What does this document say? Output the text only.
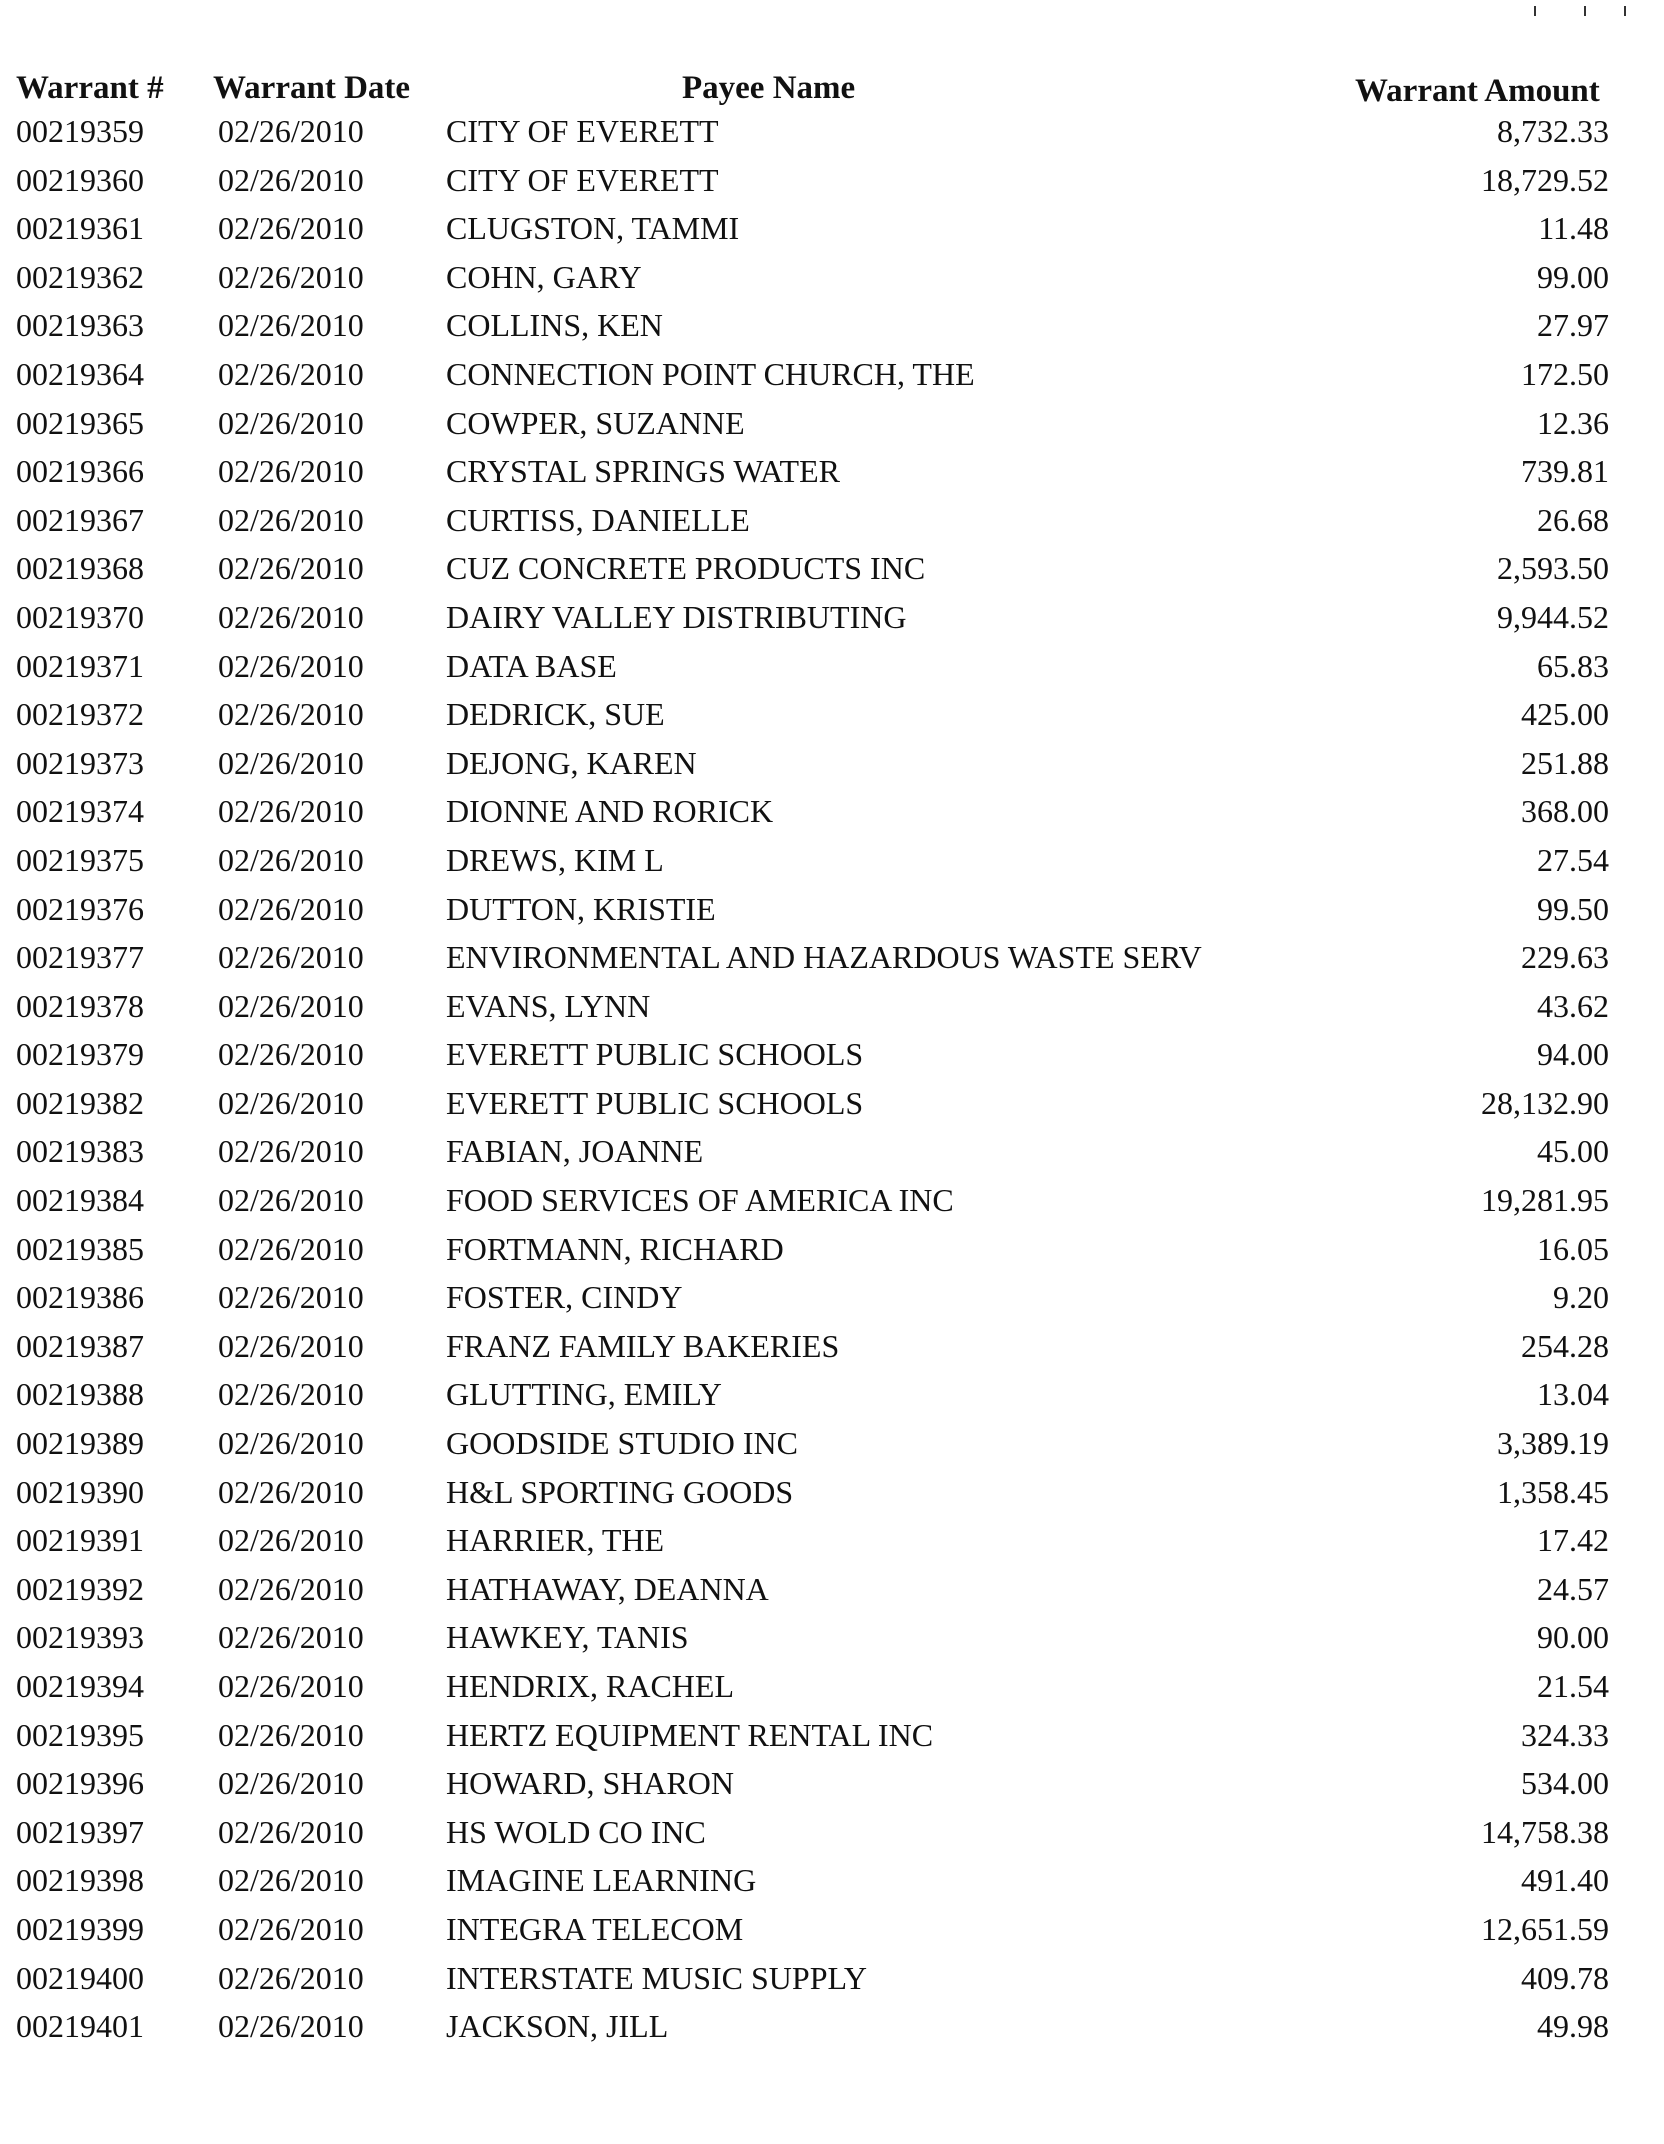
Warrant # Warrant Date	Payee Name	Warrant Amount
00219359 02/26/2010	CITY OF EVERETT	8,732.33
00219360 02/26/2010	CITY OF EVERETT	18,729.52
00219361 02/26/2010	CLUGSTON, TAMMI	11.48
00219362 02/26/2010	COHN, GARY	99.00
00219363 02/26/2010	COLLINS, KEN	27.97
00219364 02/26/2010	CONNECTION POINT CHURCH, THE	172.50
00219365 02/26/2010	COWPER, SUZANNE	12.36
00219366 02/26/2010	CRYSTAL SPRINGS WATER	739.81
00219367 02/26/2010	CURTISS, DANIELLE	26.68
00219368 02/26/2010	CUZ CONCRETE PRODUCTS INC	2,593.50
00219370 02/26/2010	DAIRY VALLEY DISTRIBUTING	9,944.52
00219371 02/26/2010	DATA BASE	65.83
00219372 02/26/2010	DEDRICK, SUE	425.00
00219373 02/26/2010	DEJONG, KAREN	251.88
00219374 02/26/2010	DIONNE AND RORICK	368.00
00219375 02/26/2010	DREWS, KIM L	27.54
00219376 02/26/2010	DUTTON, KRISTIE	99.50
00219377 02/26/2010	ENVIRONMENTAL AND HAZARDOUS WASTE SERV	229.63
00219378 02/26/2010	EVANS, LYNN	43.62
00219379 02/26/2010	EVERETT PUBLIC SCHOOLS	94.00
00219382 02/26/2010	EVERETT PUBLIC SCHOOLS	28,132.90
00219383 02/26/2010	FABIAN, JOANNE	45.00
00219384 02/26/2010	FOOD SERVICES OF AMERICA INC	19,281.95
00219385 02/26/2010	FORTMANN, RICHARD	16.05
00219386 02/26/2010	FOSTER, CINDY	9.20
00219387 02/26/2010	FRANZ FAMILY BAKERIES	254.28
00219388 02/26/2010	GLUTTING, EMILY	13.04
00219389 02/26/2010	GOODSIDE STUDIO INC	3,389.19
00219390 02/26/2010	H&L SPORTING GOODS	1,358.45
00219391 02/26/2010	HARRIER, THE	17.42
00219392 02/26/2010	HATHAWAY, DEANNA	24.57
00219393 02/26/2010	HAWKEY, TANIS	90.00
00219394 02/26/2010	HENDRIX, RACHEL	21.54
00219395 02/26/2010	HERTZ EQUIPMENT RENTAL INC	324.33
00219396 02/26/2010	HOWARD, SHARON	534.00
00219397 02/26/2010	HS WOLD CO INC	14,758.38
00219398 02/26/2010	IMAGINE LEARNING	491.40
00219399 02/26/2010	INTEGRA TELECOM	12,651.59
00219400 02/26/2010	INTERSTATE MUSIC SUPPLY	409.78
00219401 02/26/2010	JACKSON, JILL	49.98
